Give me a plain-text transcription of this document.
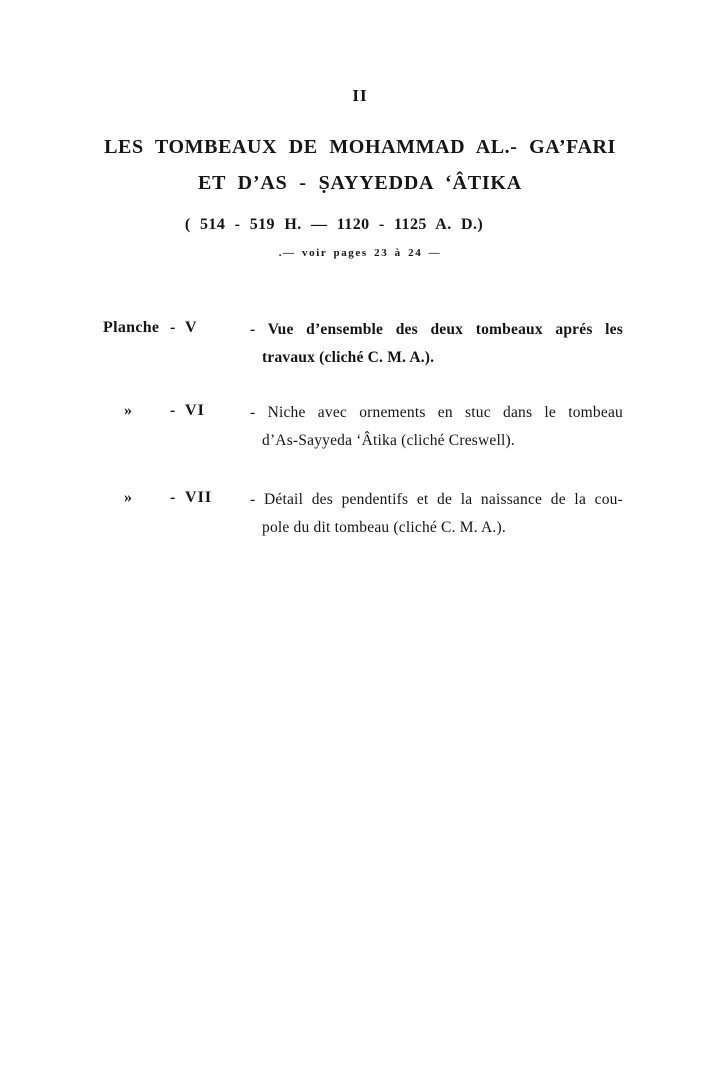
II
LES TOMBEAUX DE MOHAMMAD AL.- GA’FARI
ET D’AS - ṢAYYEDDA ‘ÂTIKA
( 514 - 519 H. — 1120 - 1125 A. D.)
.— voir pages 23 à 24 —
Planche - V	- Vue d’ensemble des deux tombeaux aprés les
travaux (cliché C. M. A.).
» - VI	- Niche avec ornements en stuc dans le tombeau
d’As-Sayyeda ‘Âtika (cliché Creswell).
» - VII - Détail des pendentifs et de la naissance de la cou-
pole du dit tombeau (cliché C. M. A.).
